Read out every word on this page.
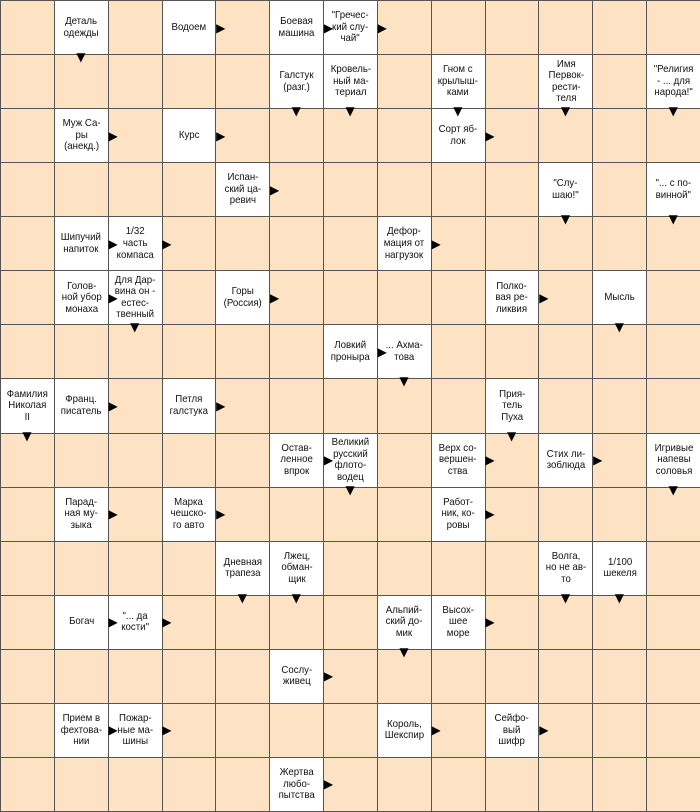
Деталь
одежды
▼
Водоем ▶	Боевая
машина ▶
"Гречес-
кий слу-
чай"
▶
Галстук
(разг.)
▼
Кровель-
ный ма-
териал
▼
Гном с
крылыш-
ками
▼
Имя
Первок-
рести-
теля
▼
"Религия
- ... для
народа!"
▼
Муж Са-
ры
(анекд.)
▶	Курс ▶	Сорт яб-
лок	▶
Испан-
ский ца-
ревич
▶	"Слу-
шаю!"
▼
"... с по-
винной"
▼
Шипучий
напиток ▶
1/32
часть
компаса
▶
Дефор-
мация от
нагрузок
▶
Голов-
ной убор
монаха
▶
Для Дар-
вина он -
естес-
твенный
▼
Горы
(Россия) ▶
Полко-
вая ре-
ликвия
▶	Мысль
▼
Ловкий
проныра ▶
... Ахма-
това
▼
Фамилия
Николая
II
▼
Франц.
писатель ▶	Петля
галстука ▶
Прия-
тель
Пуха
▼
Остав-
ленное
впрок
▶
Великий
русский
флото-
водец
▼
Верх со-
вершен-
ства
▶	Стих ли-
зоблюда ▶
Игривые
напевы
соловья
▼
Парад-
ная му-
зыка
▶
Марка
чешско-
го авто
▶
Работ-
ник, ко-
ровы
▶
Дневная
трапеза
▼
Лжец,
обман-
щик
▼
Волга,
но не ав-
то
▼
1/100
шекеля
▼
Богач ▶ "... да
кости" ▶
Альпий-
ский до-
мик
▼
Высох-
шее
море
▶
Сослу-
живец ▶
Прием в
фехтова-
нии
▶
Пожар-
ные ма-
шины
▶	Король,
Шекспир ▶
Сейфо-
вый
шифр
▶
Жертва
любо-
пытства
▶
